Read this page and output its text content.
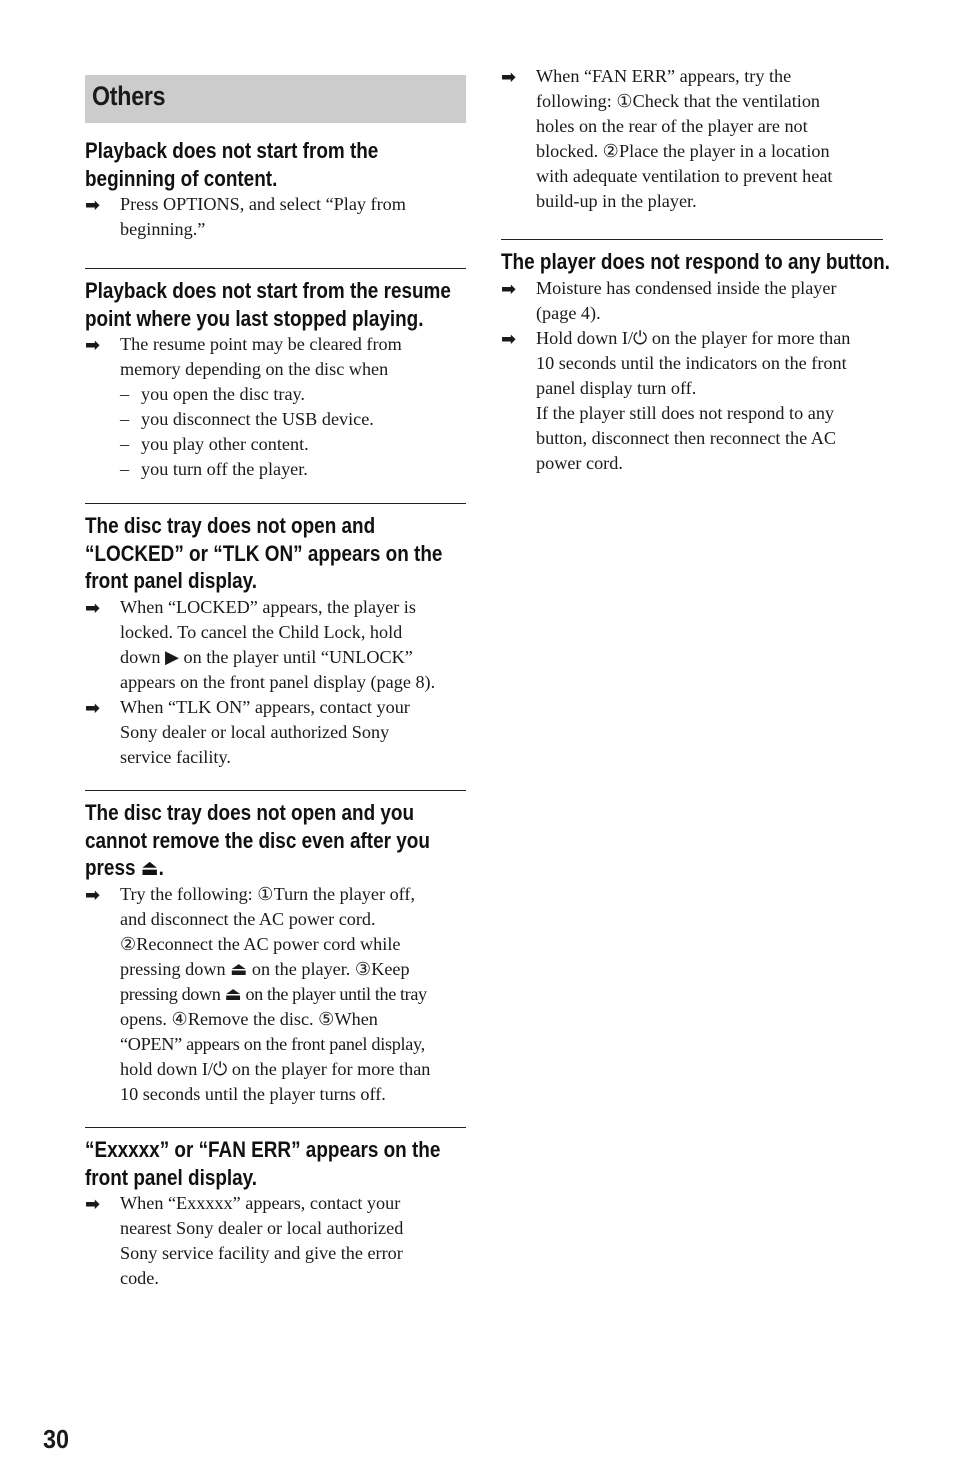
Others
Playback does not start from the
beginning of content.
➡ Press OPTIONS, and select “Play from
beginning.”
Playback does not start from the resume
point where you last stopped playing.
➡ The resume point may be cleared from
memory depending on the disc when
– you open the disc tray.
– you disconnect the USB device.
– you play other content.
– you turn off the player.
The disc tray does not open and
“LOCKED” or “TLK ON” appears on the
front panel display.
➡ When “LOCKED” appears, the player is
locked. To cancel the Child Lock, hold
down ▶ on the player until “UNLOCK”
appears on the front panel display (page 8).
➡ When “TLK ON” appears, contact your
Sony dealer or local authorized Sony
service facility.
The disc tray does not open and you
cannot remove the disc even after you
press ⏏.
➡ Try the following: ①Turn the player off,
and disconnect the AC power cord.
②Reconnect the AC power cord while
pressing down ⏏ on the player. ③Keep
pressing down ⏏ on the player until the tray
opens. ④Remove the disc. ⑤When
“OPEN” appears on the front panel display,
hold down I/⏻ on the player for more than
10 seconds until the player turns off.
“Exxxxx” or “FAN ERR” appears on the
front panel display.
➡ When “Exxxxx” appears, contact your
nearest Sony dealer or local authorized
Sony service facility and give the error
code.
➡ When “FAN ERR” appears, try the
following: ①Check that the ventilation
holes on the rear of the player are not
blocked. ②Place the player in a location
with adequate ventilation to prevent heat
build-up in the player.
The player does not respond to any button.
➡ Moisture has condensed inside the player
(page 4).
➡ Hold down I/⏻ on the player for more than
10 seconds until the indicators on the front
panel display turn off.
If the player still does not respond to any
button, disconnect then reconnect the AC
power cord.
30
